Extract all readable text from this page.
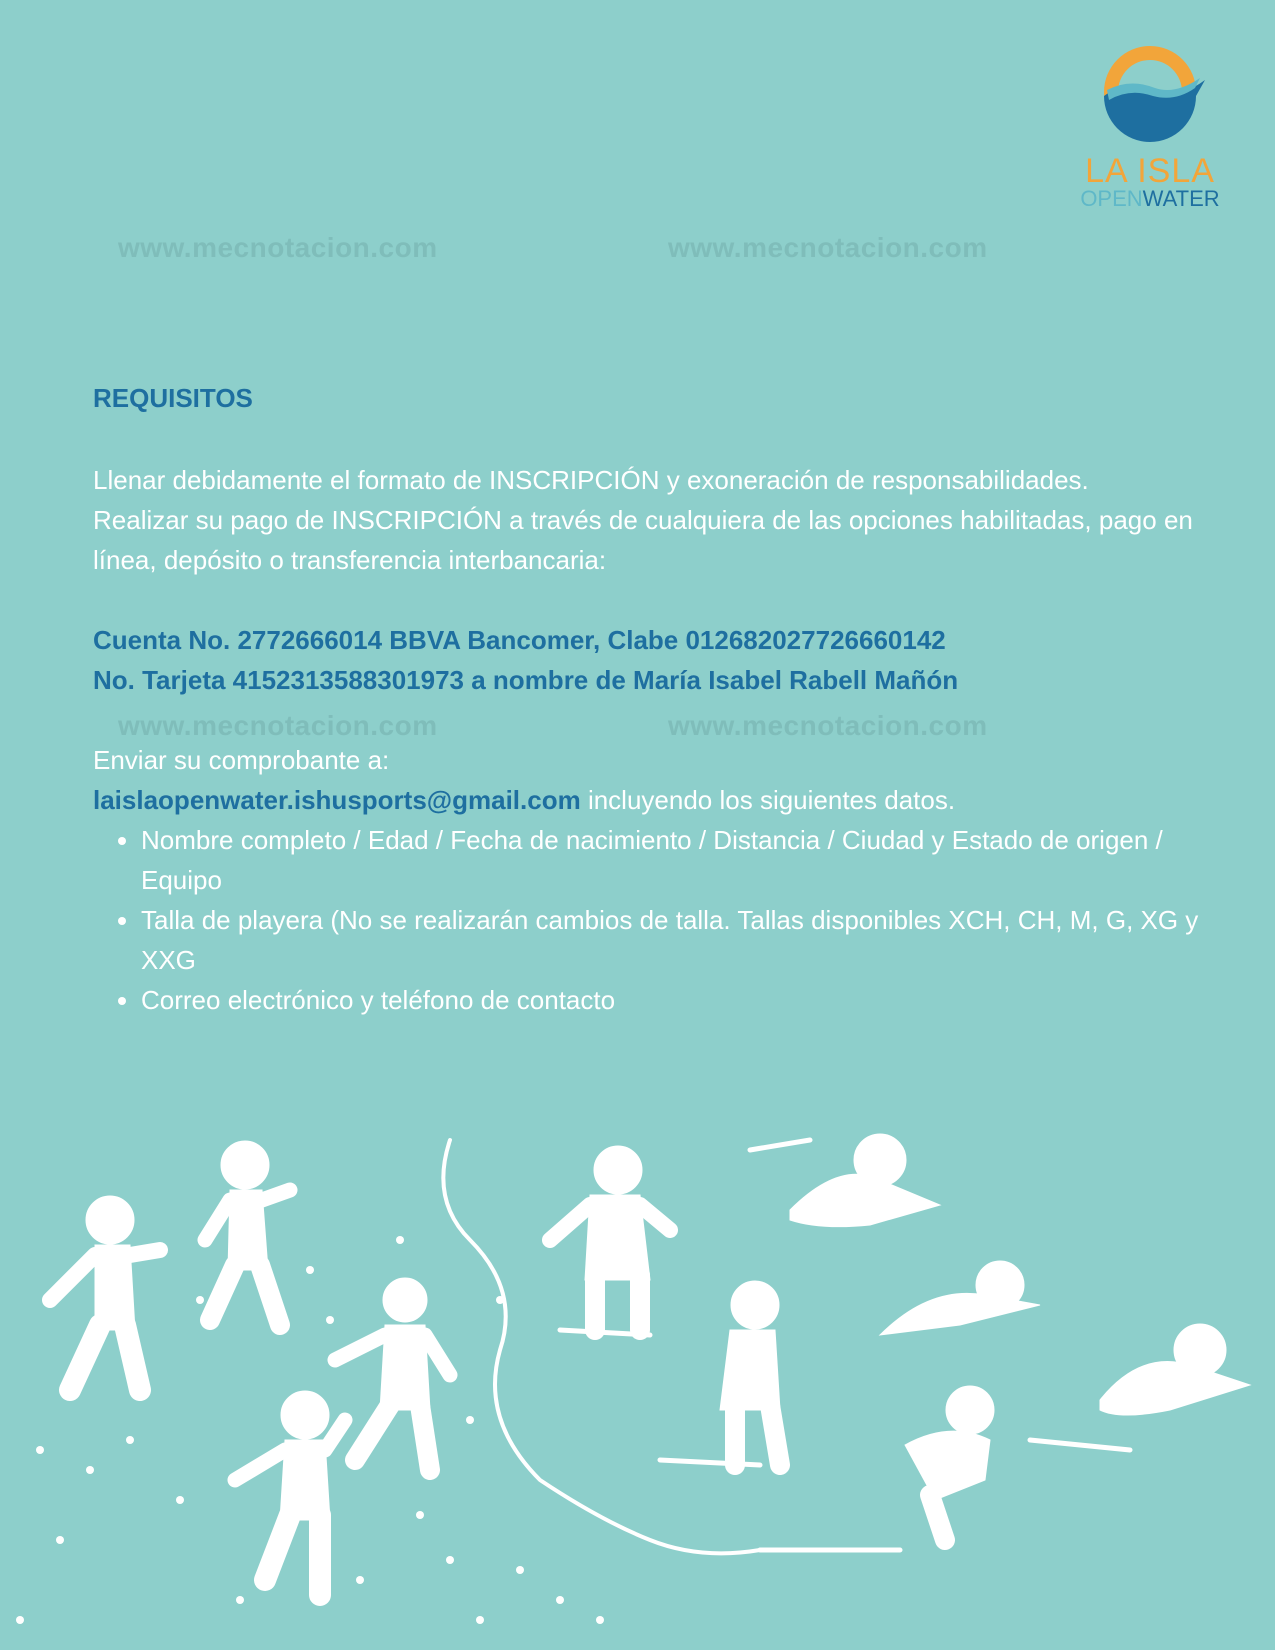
www.mecnotacion.com	www.mecnotacion.com
www.mecnotacion.com	www.mecnotacion.com
LA ISLA
OPENWATER

REQUISITOS

Llenar debidamente el formato de INSCRIPCIÓN y exoneración de responsabilidades.

Realizar su pago de INSCRIPCIÓN a través de cualquiera de las opciones habilitadas, pago en línea, depósito o transferencia interbancaria:

Cuenta No. 2772666014 BBVA Bancomer, Clabe 012682027726660142

No. Tarjeta 4152313588301973 a nombre de María Isabel Rabell Mañón

Enviar su comprobante a:

laislaopenwater.ishusports@gmail.com incluyendo los siguientes datos.

• Nombre completo / Edad / Fecha de nacimiento / Distancia / Ciudad y Estado de origen / Equipo
• Talla de playera (No se realizarán cambios de talla. Tallas disponibles XCH, CH, M, G, XG y XXG
• Correo electrónico y teléfono de contacto
